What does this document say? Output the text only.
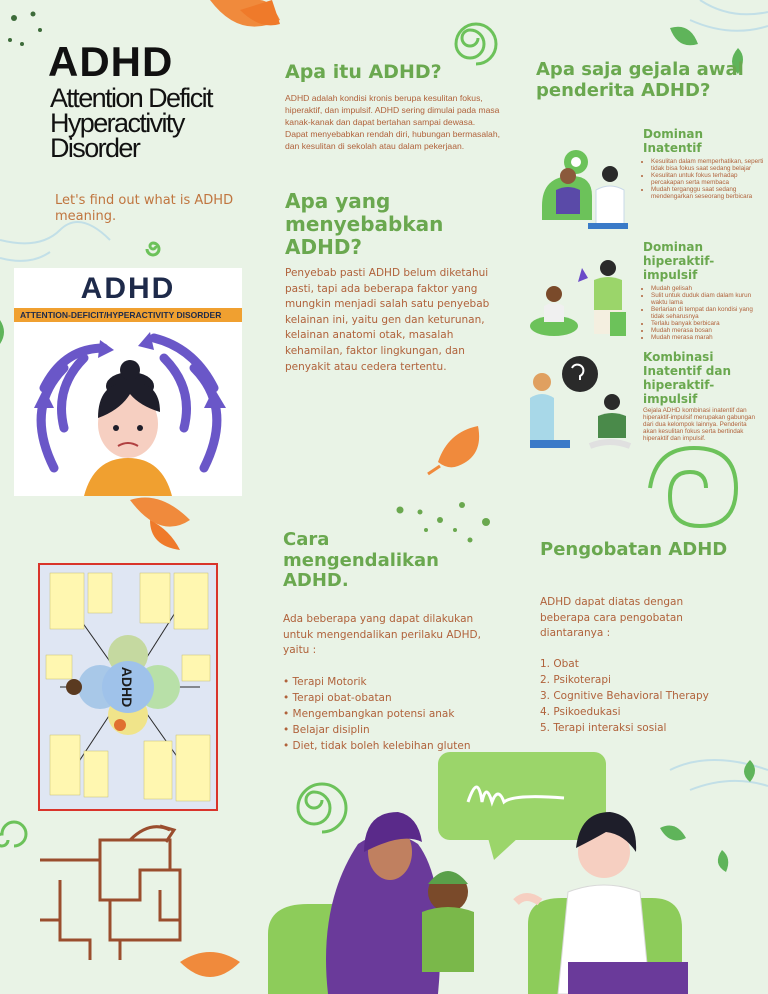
ADHD
Attention Deficit Hyperactivity Disorder
Let's find out what is ADHD meaning.
ADHD
ATTENTION-DEFICIT/HYPERACTIVITY DISORDER
ADHD
Apa itu ADHD?
ADHD adalah kondisi kronis berupa kesulitan fokus, hiperaktif, dan impulsif. ADHD sering dimulai pada masa kanak-kanak dan dapat bertahan sampai dewasa. Dapat menyebabkan rendah diri, hubungan bermasalah, dan kesulitan di sekolah atau dalam pekerjaan.
Apa yang menyebabkan ADHD?
Penyebab pasti ADHD belum diketahui pasti, tapi ada beberapa faktor yang mungkin menjadi salah satu penyebab kelainan ini, yaitu gen dan keturunan, kelainan anatomi otak, masalah kehamilan, faktor lingkungan, dan penyakit atau cedera tertentu.
Apa saja gejala awal penderita ADHD?
Dominan Inatentif
• Kesulitan dalam memperhatikan, seperti tidak bisa fokus saat sedang belajar
• Kesulitan untuk fokus terhadap percakapan serta membaca
• Mudah terganggu saat sedang mendengarkan seseorang berbicara
Dominan hiperaktif-impulsif
• Mudah gelisah
• Sulit untuk duduk diam dalam kurun waktu lama
• Berlarian di tempat dan kondisi yang tidak seharusnya
• Terlalu banyak berbicara
• Mudah merasa bosan
• Mudah merasa marah
Kombinasi Inatentif dan hiperaktif-impulsif
Gejala ADHD kombinasi inatentif dan hiperaktif-impulsif merupakan gabungan dari dua kelompok lainnya. Penderita akan kesulitan fokus serta bertindak hiperaktif dan impulsif.
Cara mengendalikan ADHD.
Ada beberapa yang dapat dilakukan untuk mengendalikan perilaku ADHD, yaitu :
• Terapi Motorik
• Terapi obat-obatan
• Mengembangkan potensi anak
• Belajar disiplin
• Diet, tidak boleh kelebihan gluten
Pengobatan ADHD
ADHD dapat diatas dengan beberapa cara pengobatan diantaranya :
1. Obat
2. Psikoterapi
3. Cognitive Behavioral Therapy
4. Psikoedukasi
5. Terapi interaksi sosial
